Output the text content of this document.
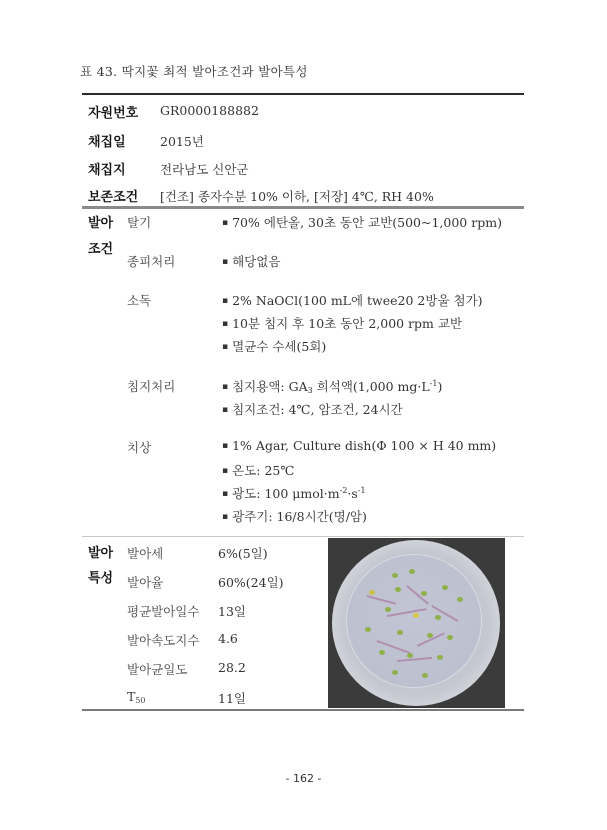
표 43. 딱지꽃 최적 발아조건과 발아특성
자원번호 GR0000188882
채집일	2015년
채집지	전라남도 신안군
보존조건 [건조] 종자수분 10% 이하, [저장] 4℃, RH 40%
발아
조건
탈기	▪ 70% 에탄올, 30초 동안 교반(500~1,000 rpm)
종피처리	▪ 해당없음
소독	▪ 2% NaOCl(100 mL에 twee20 2방울 첨가)
▪ 10분 침지 후 10초 동안 2,000 rpm 교반
▪ 멸균수 수세(5회)
침지처리	▪ 침지용액: $GA_3$ 희석액(1,000 $mg\cdot L^{-1}$)
▪ 침지조건: 4℃, 암조건, 24시간
치상	▪ 1% Agar, Culture dish(Φ 100 × H 40 mm)
▪ 온도: 25℃
▪ 광도: 100 $\mu mol\cdot m^{-2}\cdot s^{-1}$
▪ 광주기: 16/8시간(명/암)
발아
특성
발아세	6%(5일)
발아율	60%(24일)
평균발아일수 13일
발아속도지수 4.6
발아균일도 28.2
$T_{50}$	11일
- 162 -
